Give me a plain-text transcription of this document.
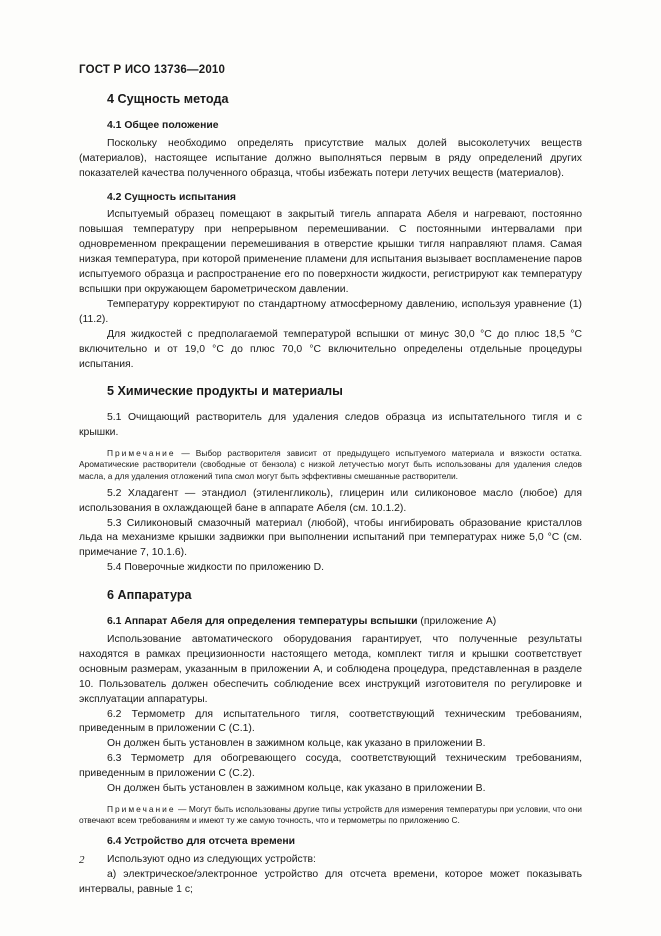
ГОСТ Р ИСО 13736—2010
4 Сущность метода
4.1 Общее положение

Поскольку необходимо определять присутствие малых долей высоколетучих веществ (материалов), настоящее испытание должно выполняться первым в ряду определений других показателей качества полученного образца, чтобы избежать потери летучих веществ (материалов).

4.2 Сущность испытания

Испытуемый образец помещают в закрытый тигель аппарата Абеля и нагревают, постоянно повышая температуру при непрерывном перемешивании. С постоянными интервалами при одновременном прекращении перемешивания в отверстие крышки тигля направляют пламя. Самая низкая температура, при которой применение пламени для испытания вызывает воспламенение паров испытуемого образца и распространение его по поверхности жидкости, регистрируют как температуру вспышки при окружающем барометрическом давлении.

Температуру корректируют по стандартному атмосферному давлению, используя уравнение (1) (11.2).

Для жидкостей с предполагаемой температурой вспышки от минус 30,0 °С до плюс 18,5 °С включительно и от 19,0 °С до плюс 70,0 °С включительно определены отдельные процедуры испытания.

5 Химические продукты и материалы

5.1 Очищающий растворитель для удаления следов образца из испытательного тигля и с крышки.

Примечание — Выбор растворителя зависит от предыдущего испытуемого материала и вязкости остатка. Ароматические растворители (свободные от бензола) с низкой летучестью могут быть использованы для удаления следов масла, а для удаления отложений типа смол могут быть эффективны смешанные растворители.

5.2 Хладагент — этандиол (этиленгликоль), глицерин или силиконовое масло (любое) для использования в охлаждающей бане в аппарате Абеля (см. 10.1.2).

5.3 Силиконовый смазочный материал (любой), чтобы ингибировать образование кристаллов льда на механизме крышки задвижки при выполнении испытаний при температурах ниже 5,0 °С (см. примечание 7, 10.1.6).

5.4 Поверочные жидкости по приложению D.

6 Аппаратура
6.1 Аппарат Абеля для определения температуры вспышки (приложение А)

Использование автоматического оборудования гарантирует, что полученные результаты находятся в рамках прецизионности настоящего метода, комплект тигля и крышки соответствует основным размерам, указанным в приложении А, и соблюдена процедура, представленная в разделе 10. Пользователь должен обеспечить соблюдение всех инструкций изготовителя по регулировке и эксплуатации аппаратуры.

6.2 Термометр для испытательного тигля, соответствующий техническим требованиям, приведенным в приложении С (С.1).

Он должен быть установлен в зажимном кольце, как указано в приложении В.

6.3 Термометр для обогревающего сосуда, соответствующий техническим требованиям, приведенным в приложении С (С.2).

Он должен быть установлен в зажимном кольце, как указано в приложении В.

Примечание — Могут быть использованы другие типы устройств для измерения температуры при условии, что они отвечают всем требованиям и имеют ту же самую точность, что и термометры по приложению С.
6.4 Устройство для отсчета времени

Используют одно из следующих устройств:

а) электрическое/электронное устройство для отсчета времени, которое может показывать интервалы, равные 1 с;

2
